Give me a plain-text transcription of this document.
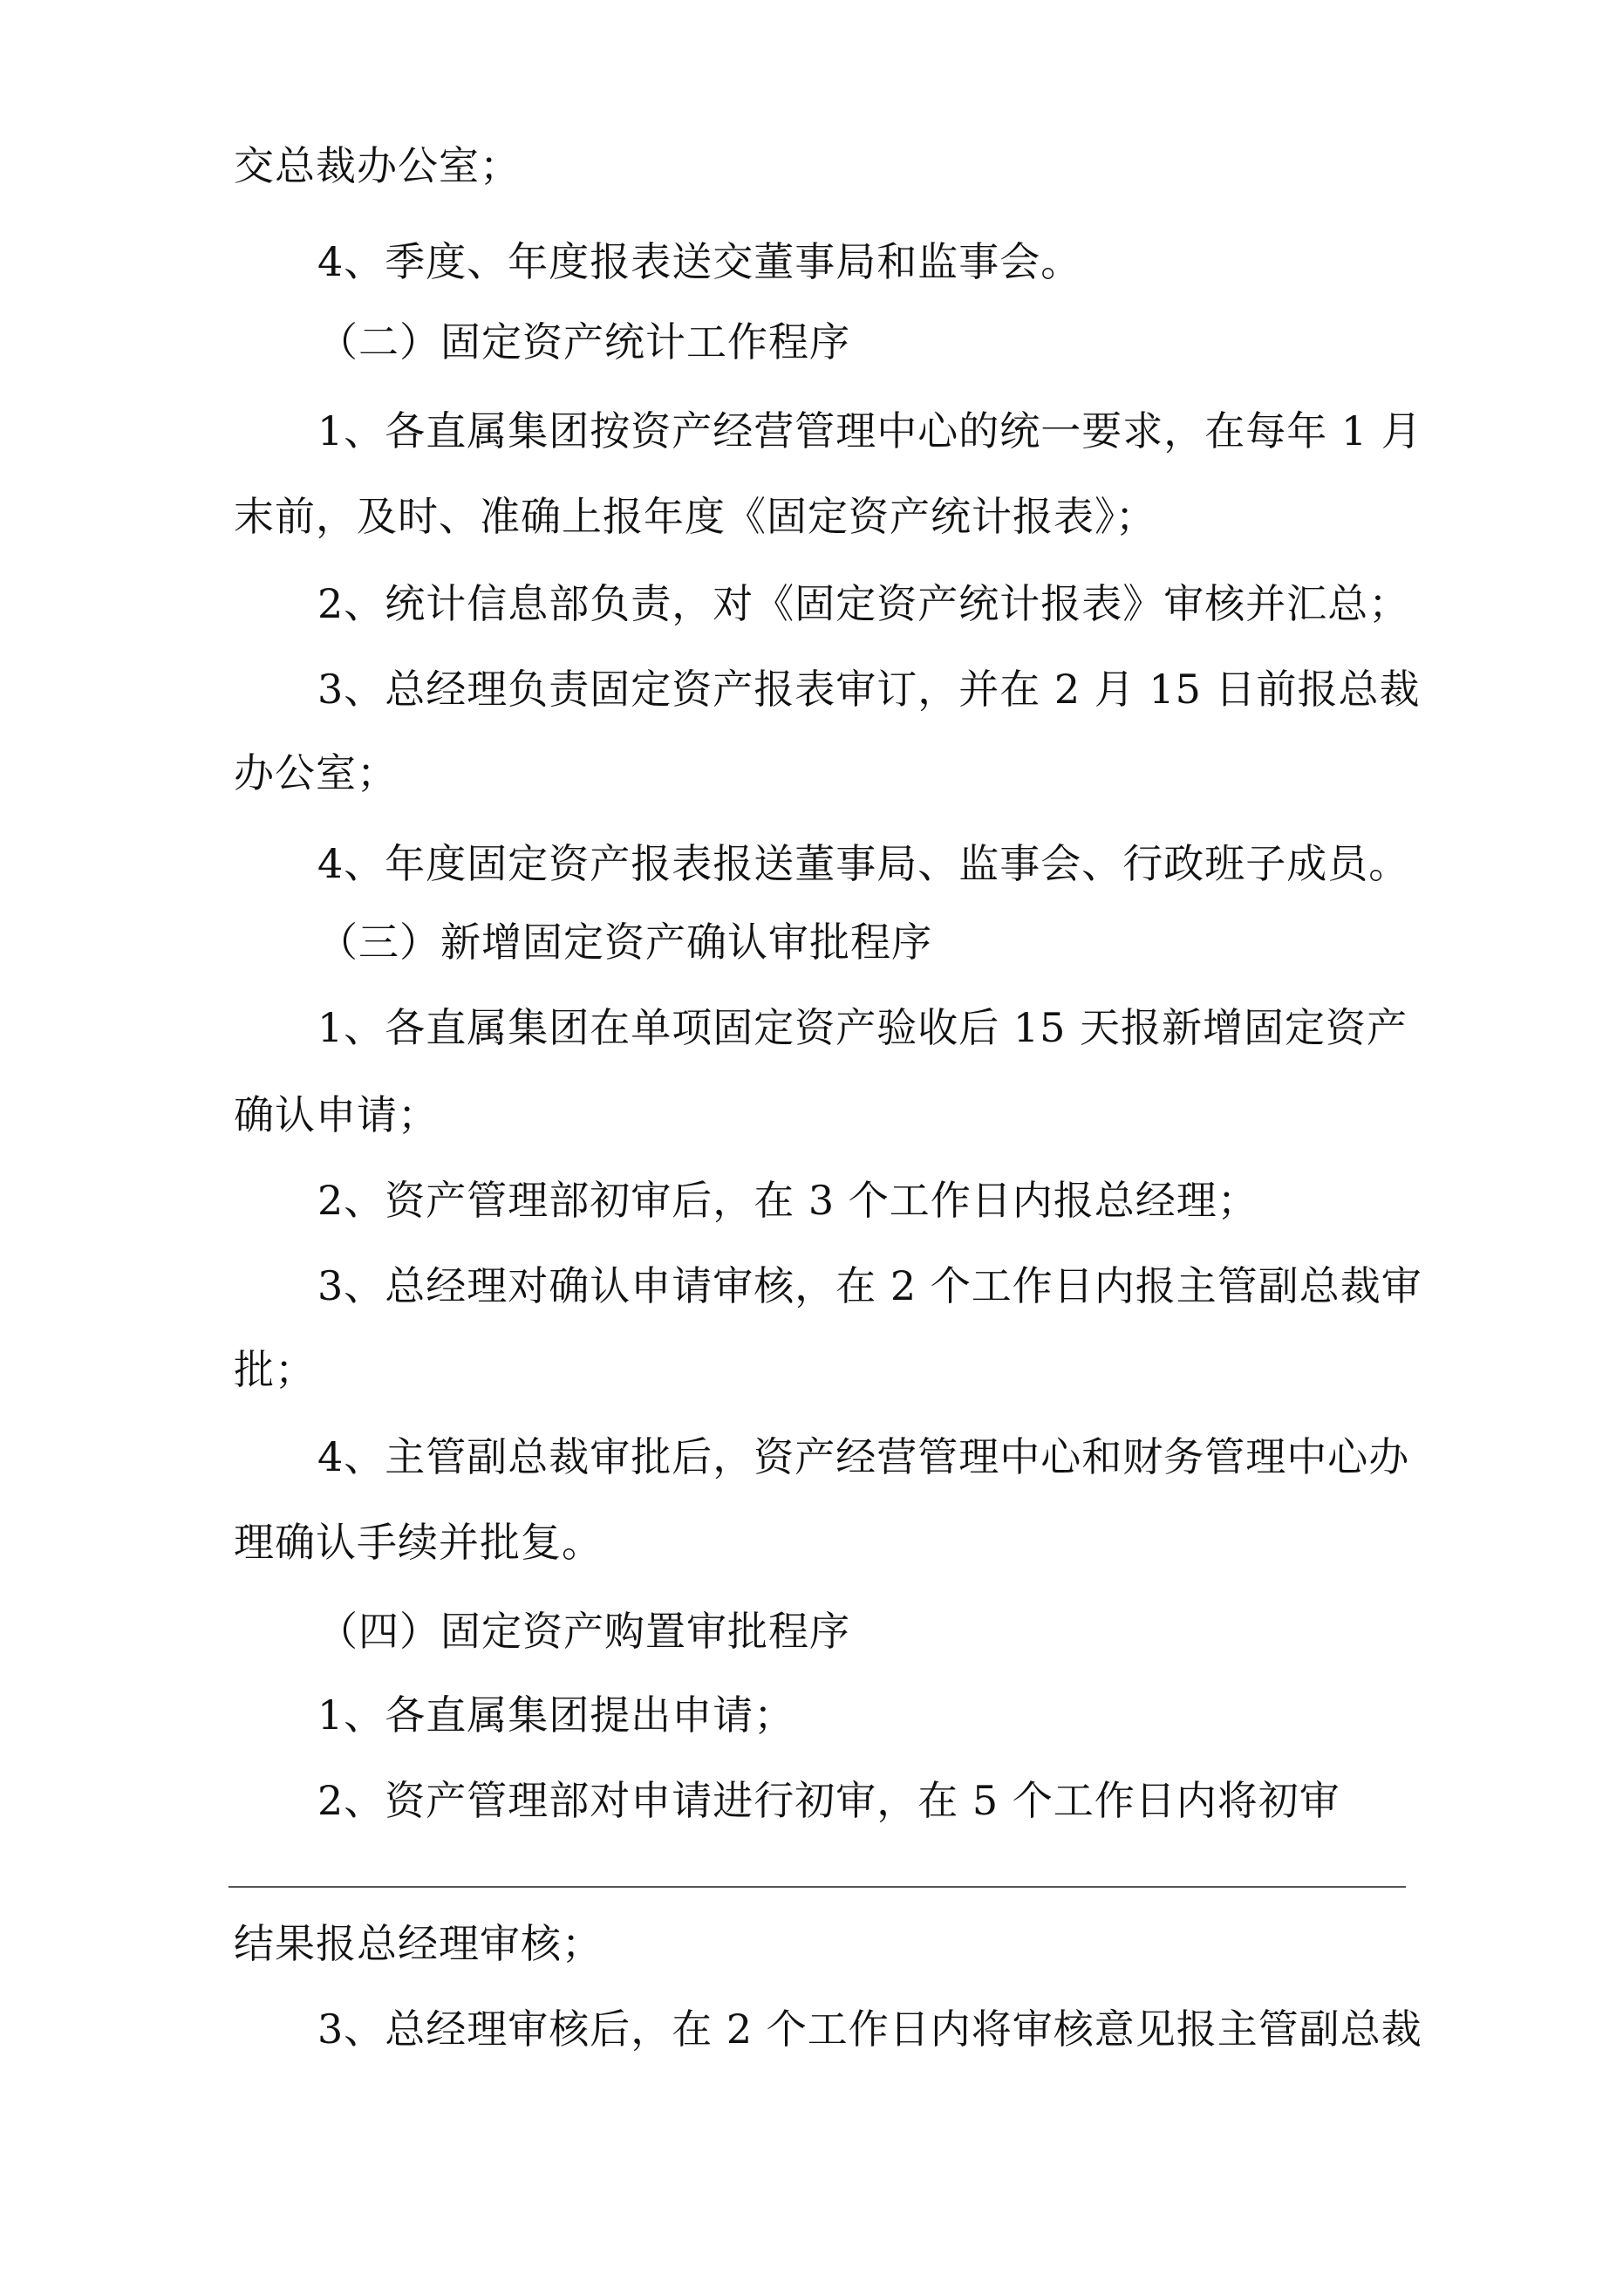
交总裁办公室；
4、季度、年度报表送交董事局和监事会。
（二）固定资产统计工作程序
1、各直属集团按资产经营管理中心的统一要求，在每年 1 月
末前，及时、准确上报年度《固定资产统计报表》；
2、统计信息部负责，对《固定资产统计报表》审核并汇总；
3、总经理负责固定资产报表审订，并在 2 月 15 日前报总裁
办公室；
4、年度固定资产报表报送董事局、监事会、行政班子成员。
（三）新增固定资产确认审批程序
1、各直属集团在单项固定资产验收后 15 天报新增固定资产
确认申请；
2、资产管理部初审后，在 3 个工作日内报总经理；
3、总经理对确认申请审核，在 2 个工作日内报主管副总裁审
批；
4、主管副总裁审批后，资产经营管理中心和财务管理中心办
理确认手续并批复。
（四）固定资产购置审批程序
1、各直属集团提出申请；
2、资产管理部对申请进行初审，在 5 个工作日内将初审
结果报总经理审核；
3、总经理审核后，在 2 个工作日内将审核意见报主管副总裁
